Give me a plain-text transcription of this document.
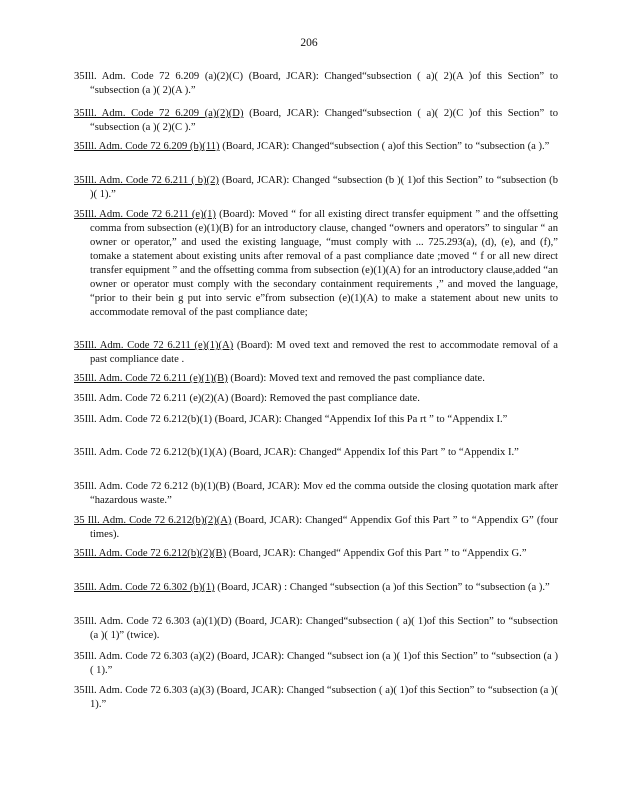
206

35Ill. Adm. Code 72 6.209 (a)(2)(C) (Board, JCAR): Changed“subsection ( a)( 2)(A )of this Section” to “subsection (a )( 2)(A ).”

35Ill. Adm. Code 72 6.209 (a)(2)(D) (Board, JCAR): Changed“subsection ( a)( 2)(C )of this Section” to “subsection (a )( 2)(C ).”

35Ill. Adm. Code 72 6.209 (b)(11) (Board, JCAR): Changed“subsection ( a)of this Section” to “subsection (a ).”

35Ill. Adm. Code 72 6.211 ( b)(2) (Board, JCAR): Changed “subsection (b )( 1)of this Section” to “subsection (b )( 1).”

35Ill. Adm. Code 72 6.211 (e)(1) (Board): Moved “ for all existing direct transfer equipment ” and the offsetting comma from subsection (e)(1)(B) for an introductory clause, changed “owners and operators” to singular “ an owner or operator,” and used the existing language, “must comply with ... 725.293(a), (d), (e), and (f),” tomake a statement about existing units after removal of a past compliance date ;moved “ f or all new direct transfer equipment ” and the offsetting comma from subsection (e)(1)(A) for an introductory clause,added “an owner or operator must comply with the secondary containment requirements ,” and moved the language, “prior to their bein g put into servic e”from subsection (e)(1)(A) to make a statement about new units to accommodate removal of the past compliance date;

35Ill. Adm. Code 72 6.211 (e)(1)(A) (Board): M oved text and removed the rest to accommodate removal of a past compliance date .

35Ill. Adm. Code 72 6.211 (e)(1)(B) (Board): Moved text and removed the past compliance date.

35Ill. Adm. Code 72 6.211 (e)(2)(A) (Board): Removed the past compliance date.

35Ill. Adm. Code 72 6.212(b)(1) (Board, JCAR): Changed “Appendix Iof this Pa rt ” to “Appendix I.”

35Ill. Adm. Code 72 6.212(b)(1)(A) (Board, JCAR): Changed“ Appendix Iof this Part ” to “Appendix I.”

35Ill. Adm. Code 72 6.212 (b)(1)(B) (Board, JCAR): Mov ed the comma outside the closing quotation mark after “hazardous waste.”

35 Ill. Adm. Code 72 6.212(b)(2)(A) (Board, JCAR): Changed“ Appendix Gof this Part ” to “Appendix G” (four times).

35Ill. Adm. Code 72 6.212(b)(2)(B) (Board, JCAR): Changed“ Appendix Gof this Part ” to “Appendix G.”

35Ill. Adm. Code 72 6.302 (b)(1) (Board, JCAR) : Changed “subsection (a )of this Section” to “subsection (a ).”

35Ill. Adm. Code 72 6.303 (a)(1)(D) (Board, JCAR): Changed“subsection ( a)( 1)of this Section” to “subsection (a )( 1)” (twice).

35Ill. Adm. Code 72 6.303 (a)(2) (Board, JCAR): Changed “subsect ion (a )( 1)of this Section” to “subsection (a )( 1).”

35Ill. Adm. Code 72 6.303 (a)(3) (Board, JCAR): Changed “subsection ( a)( 1)of this Section” to “subsection (a )( 1).”
